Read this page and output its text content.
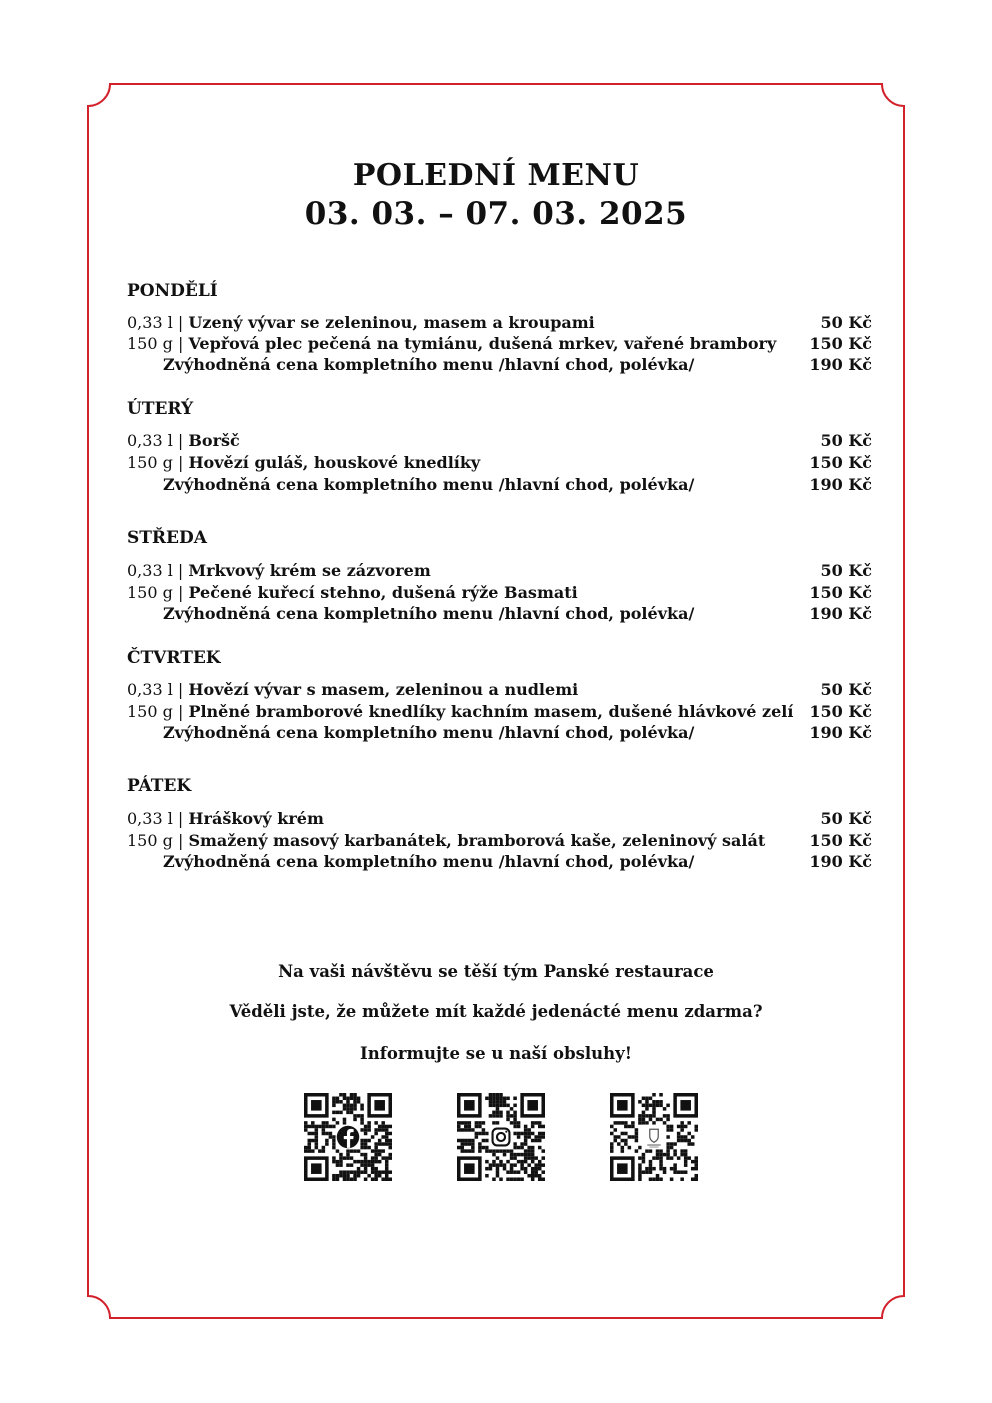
POLEDNÍ MENU
03. 03. – 07. 03. 2025
PONDĚLÍ
0,33 l | Uzený vývar se zeleninou, masem a kroupami	50 Kč
150 g | Vepřová plec pečená na tymiánu, dušená mrkev, vařené brambory 150 Kč
Zvýhodněná cena kompletního menu /hlavní chod, polévka/	190 Kč
ÚTERÝ
0,33 l | Boršč	50 Kč
150 g | Hovězí guláš, houskové knedlíky	150 Kč
Zvýhodněná cena kompletního menu /hlavní chod, polévka/	190 Kč
STŘEDA
0,33 l | Mrkvový krém se zázvorem	50 Kč
150 g | Pečené kuřecí stehno, dušená rýže Basmati	150 Kč
Zvýhodněná cena kompletního menu /hlavní chod, polévka/	190 Kč
ČTVRTEK
0,33 l | Hovězí vývar s masem, zeleninou a nudlemi	50 Kč
150 g | Plněné bramborové knedlíky kachním masem, dušené hlávkové zelí 150 Kč
Zvýhodněná cena kompletního menu /hlavní chod, polévka/	190 Kč
PÁTEK
0,33 l | Hráškový krém	50 Kč
150 g | Smažený masový karbanátek, bramborová kaše, zeleninový salát	150 Kč
Zvýhodněná cena kompletního menu /hlavní chod, polévka/	190 Kč
Na vaši návštěvu se těší tým Panské restaurace
Věděli jste, že můžete mít každé jedenácté menu zdarma?
Informujte se u naší obsluhy!
